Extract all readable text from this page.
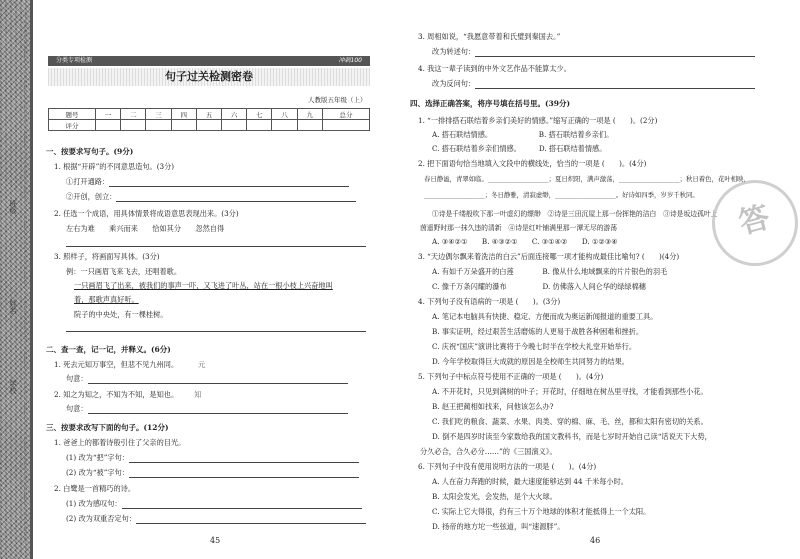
班级
姓名
学校
分类专项检测	冲刺100
句子过关检测密卷
人教版五年级（上）
题号	一	二	三	四	五	六	七	八	九	总分
评分										
一、按要求写句子。(9分)
1. 根据“开辟”的不同意思造句。(3分)
①打开通路：
②开创，创立：
2. 任选一个成语，用具体情景将成语意思表现出来。(3分)
左右为难　　乘兴而来　　恰如其分　　忽然自得
3. 照样子，将画面写具体。(3分)
例：一只画眉飞来飞去，还唱着歌。
一只画眉飞了出来，被我们的事声一吓，又飞进了叶丛，站在一根小枝上兴奋地叫
着，那歌声真好听。
院子的中央处，有一棵桂树。
二、查一查，记一记，并释义。(6分)
1. 死去元知万事空，但悲不见九州同。	元
句意：
2. 知之为知之，不知为不知，是知也。 知
句意：
三、按要求改写下面的句子。(12分)
1. 爸爸上的都着诗般引住了父亲的目光。
(1) 改为“把”字句：
(2) 改为“被”字句：
2. 白鹭是一首精巧的诗。
(1) 改为感叹句：
(2) 改为双重否定句：
45
3. 周相如说，“我愿意带着和氏璧到秦国去。”
改为转述句：
4. 我这一辈子读到的中外文艺作品不能算太少。
改为反问句：
四、选择正确答案，将序号填在括号里。(39分)
1. “一排排搭石联结着乡亲们美好的情感。”缩写正确的一项是 (　　)。(2分)
A. 搭石联结情感。　　　　　　　B. 搭石联结着乡亲们。
C. 搭石联结着乡亲们情感。　　　D. 搭石联结着情感。
2. 把下面语句恰当地填入文段中的横线处，恰当的一项是 (　　)。(4分)
春日静谧，青翠如临。___________________；夏日炽阳，满声激荡，___________________；秋日着色，花叶相映，
___________________；冬日静雅，清寂虚缈，___________________。好诗如四季，岁岁千秋同。
①诗是千缕般吹下那一叶虚幻的缥缈　②诗是三田沉屋上那一份挥艳的洁白　③诗是坂边孤叶上
茵遥野时那一抹久违的清新　④诗是红叶铺满里那一潭无尽的游荡
A. ③④②①　　B. ④③②①　　C. ③①④②　　D. ①②③④
3. “天边偶尔飘来着洗洁的白云”后面连接哪一项才能构成最佳比喻句? (　　)(4分)
A. 有如千万朵盛开的白莲　　　　B. 像从什么地域飘来的片片银色的羽毛
C. 像千万条闪耀的瀑布　　　　　D. 仿佛落入人间仑华的绿绿棉穗
4. 下列句子没有语病的一项是 (　　)。(3分)
A. 笔记本电脑具有快捷、稳定、方便而成为奥运新闻报道的重要工具。
B. 事实证明，经过艰苦生活磨炼的人更易于战胜各种困难和挫折。
C. 庆祝“国庆”演讲比赛将于今晚七时半在学校大礼堂开始举行。
D. 今年学校取得巨大成就的原因是全校师生共同努力的结果。
5. 下列句子中标点符号使用不正确的一项是 (　　)。(4分)
A. 不开花时，只见到满树的叶子；开花时，仔细地在树丛里寻找，才能看到那些小花。
B. 赵王把蔺相如找来，问他该怎么办?
C. 我们吃的粮食、蔬菜、水果、肉类、穿的棉、麻、毛、丝，都和太阳有密切的关系。
D. 倒不是四岁时读至今家数给我的国文教科书，而是七岁时开始自己读“话说天下大势，
分久必合，合久必分……”的《三国演义》。
6. 下列句子中没有使用说明方法的一项是 (　　)。(4分)
A. 人在奋力奔跑的时候，最大速度能够达到 44 千米每小时。
B. 太阳会发光，会发热，是个大火球。
C. 实际上它大得很，约有三十万个地球的体积才能抵得上一个太阳。
D. 扬帝的地方坨一些弦道，叫“速源胖”。
46
答
